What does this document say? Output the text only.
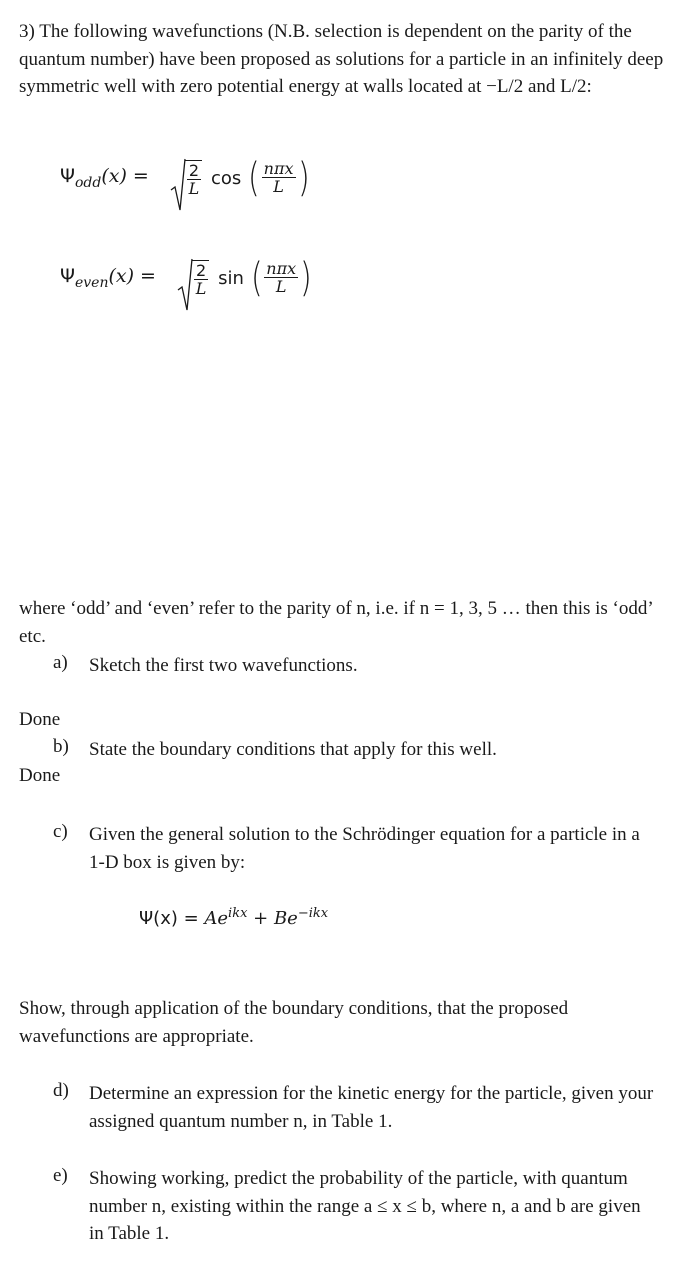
3) The following wavefunctions (N.B. selection is dependent on the parity of the quantum number) have been proposed as solutions for a particle in an infinitely deep symmetric well with zero potential energy at walls located at −L/2 and L/2:
$\Psi_{odd}(x) = \frac{2}{L}$ cos ( $\frac{\text{nπx}}{L}$ )
$\Psi_{even}(x) = \frac{2}{L}$ sin ( $\frac{\text{nπx}}{L}$ )
where ‘odd’ and ‘even’ refer to the parity of n, i.e. if n = 1, 3, 5 … then this is ‘odd’ etc.
a) Sketch the first two wavefunctions.
Done
b) State the boundary conditions that apply for this well.
Done
c) Given the general solution to the Schrödinger equation for a particle in a 1-D box is given by:
$\Psi(x) = Ae^{ikx} + Be^{-ikx}$
Show, through application of the boundary conditions, that the proposed wavefunctions are appropriate.
d) Determine an expression for the kinetic energy for the particle, given your assigned quantum number n, in Table 1.
e) Showing working, predict the probability of the particle, with quantum number n, existing within the range a ≤ x ≤ b, where n, a and b are given in Table 1.
